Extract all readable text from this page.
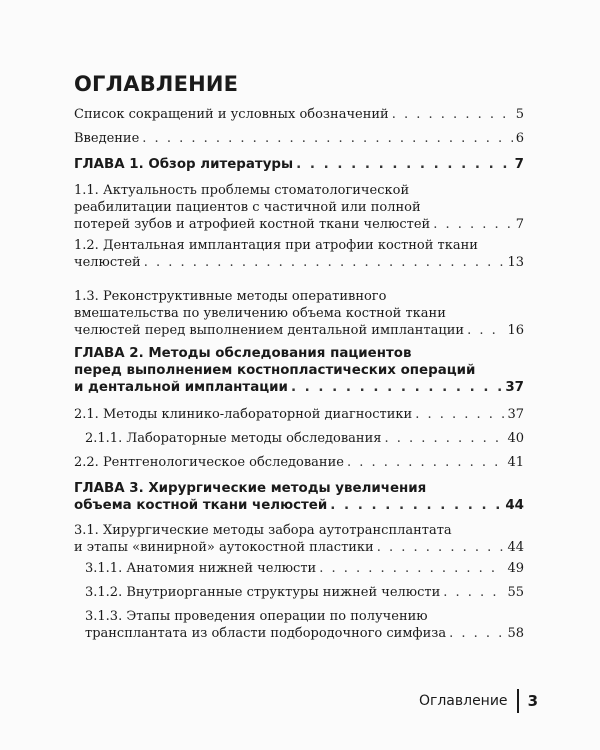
ОГЛАВЛЕНИЕ
Список сокращений и условных обозначений . . .	5
Введение . . .	6
ГЛАВА 1. Обзор литературы . . .	7
1.1. Актуальность проблемы стоматологической
реабилитации пациентов с частичной или полной
потерей зубов и атрофией костной ткани челюстей . . .	7
1.2. Дентальная имплантация при атрофии костной ткани
челюстей . . .	13
1.3. Реконструктивные методы оперативного
вмешательства по увеличению объема костной ткани
челюстей перед выполнением дентальной имплантации . . .	16
ГЛАВА 2. Методы обследования пациентов
перед выполнением костнопластических операций
и дентальной имплантации . . .	37
2.1. Методы клинико-лабораторной диагностики . . .	37
2.1.1. Лабораторные методы обследования . . .	40
2.2. Рентгенологическое обследование . . .	41
ГЛАВА 3. Хирургические методы увеличения
объема костной ткани челюстей . . .	44
3.1. Хирургические методы забора аутотрансплантата
и этапы «винирной» аутокостной пластики . . .	44
3.1.1. Анатомия нижней челюсти . . .	49
3.1.2. Внутриорганные структуры нижней челюсти . . .	55
3.1.3. Этапы проведения операции по получению
трансплантата из области подбородочного симфиза . . .	58
Оглавление 3
